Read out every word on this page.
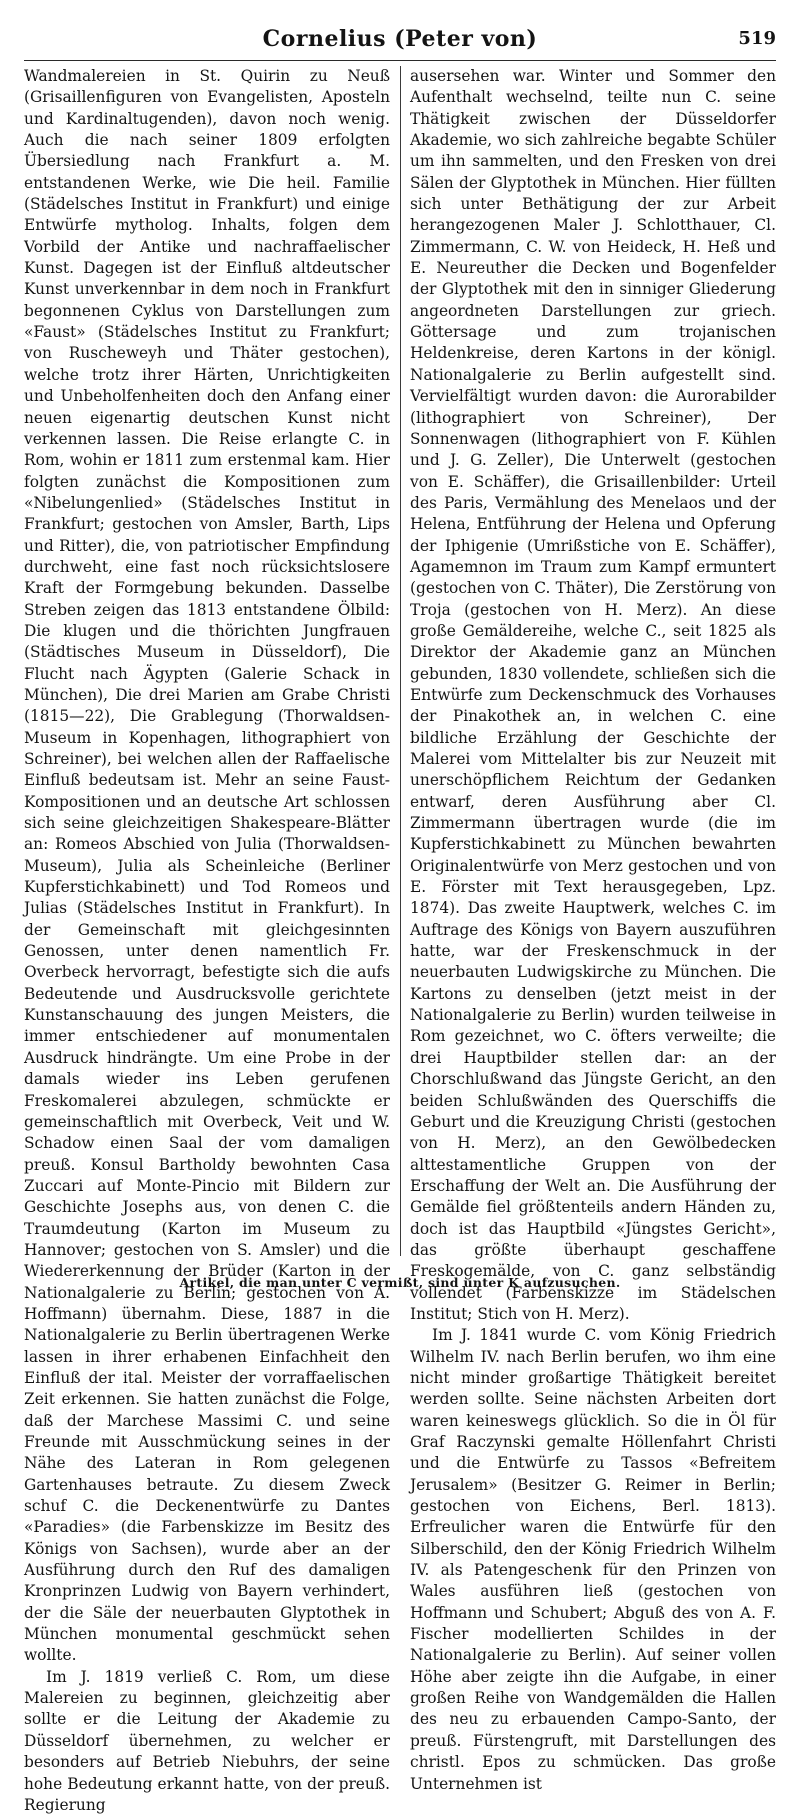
Cornelius (Peter von)	519

Wandmalereien in St. Quirin zu Neuß (Grisaillenfiguren von Evangelisten, Aposteln und Kardinaltugenden), davon noch wenig. Auch die nach seiner 1809 erfolgten Übersiedlung nach Frankfurt a. M. entstandenen Werke, wie Die heil. Familie (Städelsches Institut in Frankfurt) und einige Entwürfe mytholog. Inhalts, folgen dem Vorbild der Antike und nachraffaelischer Kunst. Dagegen ist der Einfluß altdeutscher Kunst unverkennbar in dem noch in Frankfurt begonnenen Cyklus von Darstellungen zum «Faust» (Städelsches Institut zu Frankfurt; von Ruscheweyh und Thäter gestochen), welche trotz ihrer Härten, Unrichtigkeiten und Unbeholfenheiten doch den Anfang einer neuen eigenartig deutschen Kunst nicht verkennen lassen. Die Reise erlangte C. in Rom, wohin er 1811 zum erstenmal kam. Hier folgten zunächst die Kompositionen zum «Nibelungenlied» (Städelsches Institut in Frankfurt; gestochen von Amsler, Barth, Lips und Ritter), die, von patriotischer Empfindung durchweht, eine fast noch rücksichtslosere Kraft der Formgebung bekunden. Dasselbe Streben zeigen das 1813 entstandene Ölbild: Die klugen und die thörichten Jungfrauen (Städtisches Museum in Düsseldorf), Die Flucht nach Ägypten (Galerie Schack in München), Die drei Marien am Grabe Christi (1815—22), Die Grablegung (Thorwaldsen-Museum in Kopenhagen, lithographiert von Schreiner), bei welchen allen der Raffaelische Einfluß bedeutsam ist. Mehr an seine Faust-Kompositionen und an deutsche Art schlossen sich seine gleichzeitigen Shakespeare-Blätter an: Romeos Abschied von Julia (Thorwaldsen-Museum), Julia als Scheinleiche (Berliner Kupferstichkabinett) und Tod Romeos und Julias (Städelsches Institut in Frankfurt). In der Gemeinschaft mit gleichgesinnten Genossen, unter denen namentlich Fr. Overbeck hervorragt, befestigte sich die aufs Bedeutende und Ausdrucksvolle gerichtete Kunstanschauung des jungen Meisters, die immer entschiedener auf monumentalen Ausdruck hindrängte. Um eine Probe in der damals wieder ins Leben gerufenen Freskomalerei abzulegen, schmückte er gemeinschaftlich mit Overbeck, Veit und W. Schadow einen Saal der vom damaligen preuß. Konsul Bartholdy bewohnten Casa Zuccari auf Monte-Pincio mit Bildern zur Geschichte Josephs aus, von denen C. die Traumdeutung (Karton im Museum zu Hannover; gestochen von S. Amsler) und die Wiedererkennung der Brüder (Karton in der Nationalgalerie zu Berlin; gestochen von A. Hoffmann) übernahm. Diese, 1887 in die Nationalgalerie zu Berlin übertragenen Werke lassen in ihrer erhabenen Einfachheit den Einfluß der ital. Meister der vorraffaelischen Zeit erkennen. Sie hatten zunächst die Folge, daß der Marchese Massimi C. und seine Freunde mit Ausschmückung seines in der Nähe des Lateran in Rom gelegenen Gartenhauses betraute. Zu diesem Zweck schuf C. die Deckenentwürfe zu Dantes «Paradies» (die Farbenskizze im Besitz des Königs von Sachsen), wurde aber an der Ausführung durch den Ruf des damaligen Kronprinzen Ludwig von Bayern verhindert, der die Säle der neuerbauten Glyptothek in München monumental geschmückt sehen wollte.

Im J. 1819 verließ C. Rom, um diese Malereien zu beginnen, gleichzeitig aber sollte er die Leitung der Akademie zu Düsseldorf übernehmen, zu welcher er besonders auf Betrieb Niebuhrs, der seine hohe Bedeutung erkannt hatte, von der preuß. Regierung

ausersehen war. Winter und Sommer den Aufenthalt wechselnd, teilte nun C. seine Thätigkeit zwischen der Düsseldorfer Akademie, wo sich zahlreiche begabte Schüler um ihn sammelten, und den Fresken von drei Sälen der Glyptothek in München. Hier füllten sich unter Bethätigung der zur Arbeit herangezogenen Maler J. Schlotthauer, Cl. Zimmermann, C. W. von Heideck, H. Heß und E. Neureuther die Decken und Bogenfelder der Glyptothek mit den in sinniger Gliederung angeordneten Darstellungen zur griech. Göttersage und zum trojanischen Heldenkreise, deren Kartons in der königl. Nationalgalerie zu Berlin aufgestellt sind. Vervielfältigt wurden davon: die Aurorabilder (lithographiert von Schreiner), Der Sonnenwagen (lithographiert von F. Kühlen und J. G. Zeller), Die Unterwelt (gestochen von E. Schäffer), die Grisaillenbilder: Urteil des Paris, Vermählung des Menelaos und der Helena, Entführung der Helena und Opferung der Iphigenie (Umrißstiche von E. Schäffer), Agamemnon im Traum zum Kampf ermuntert (gestochen von C. Thäter), Die Zerstörung von Troja (gestochen von H. Merz). An diese große Gemäldereihe, welche C., seit 1825 als Direktor der Akademie ganz an München gebunden, 1830 vollendete, schließen sich die Entwürfe zum Deckenschmuck des Vorhauses der Pinakothek an, in welchen C. eine bildliche Erzählung der Geschichte der Malerei vom Mittelalter bis zur Neuzeit mit unerschöpflichem Reichtum der Gedanken entwarf, deren Ausführung aber Cl. Zimmermann übertragen wurde (die im Kupferstichkabinett zu München bewahrten Originalentwürfe von Merz gestochen und von E. Förster mit Text herausgegeben, Lpz. 1874). Das zweite Hauptwerk, welches C. im Auftrage des Königs von Bayern auszuführen hatte, war der Freskenschmuck in der neuerbauten Ludwigskirche zu München. Die Kartons zu denselben (jetzt meist in der Nationalgalerie zu Berlin) wurden teilweise in Rom gezeichnet, wo C. öfters verweilte; die drei Hauptbilder stellen dar: an der Chorschlußwand das Jüngste Gericht, an den beiden Schlußwänden des Querschiffs die Geburt und die Kreuzigung Christi (gestochen von H. Merz), an den Gewölbedecken alttestamentliche Gruppen von der Erschaffung der Welt an. Die Ausführung der Gemälde fiel größtenteils andern Händen zu, doch ist das Hauptbild «Jüngstes Gericht», das größte überhaupt geschaffene Freskogemälde, von C. ganz selbständig vollendet (Farbenskizze im Städelschen Institut; Stich von H. Merz).

Im J. 1841 wurde C. vom König Friedrich Wilhelm IV. nach Berlin berufen, wo ihm eine nicht minder großartige Thätigkeit bereitet werden sollte. Seine nächsten Arbeiten dort waren keineswegs glücklich. So die in Öl für Graf Raczynski gemalte Höllenfahrt Christi und die Entwürfe zu Tassos «Befreitem Jerusalem» (Besitzer G. Reimer in Berlin; gestochen von Eichens, Berl. 1813). Erfreulicher waren die Entwürfe für den Silberschild, den der König Friedrich Wilhelm IV. als Patengeschenk für den Prinzen von Wales ausführen ließ (gestochen von Hoffmann und Schubert; Abguß des von A. F. Fischer modellierten Schildes in der Nationalgalerie zu Berlin). Auf seiner vollen Höhe aber zeigte ihn die Aufgabe, in einer großen Reihe von Wandgemälden die Hallen des neu zu erbauenden Campo-Santo, der preuß. Fürstengruft, mit Darstellungen des christl. Epos zu schmücken. Das große Unternehmen ist

Artikel, die man unter C vermißt, sind unter K aufzusuchen.
